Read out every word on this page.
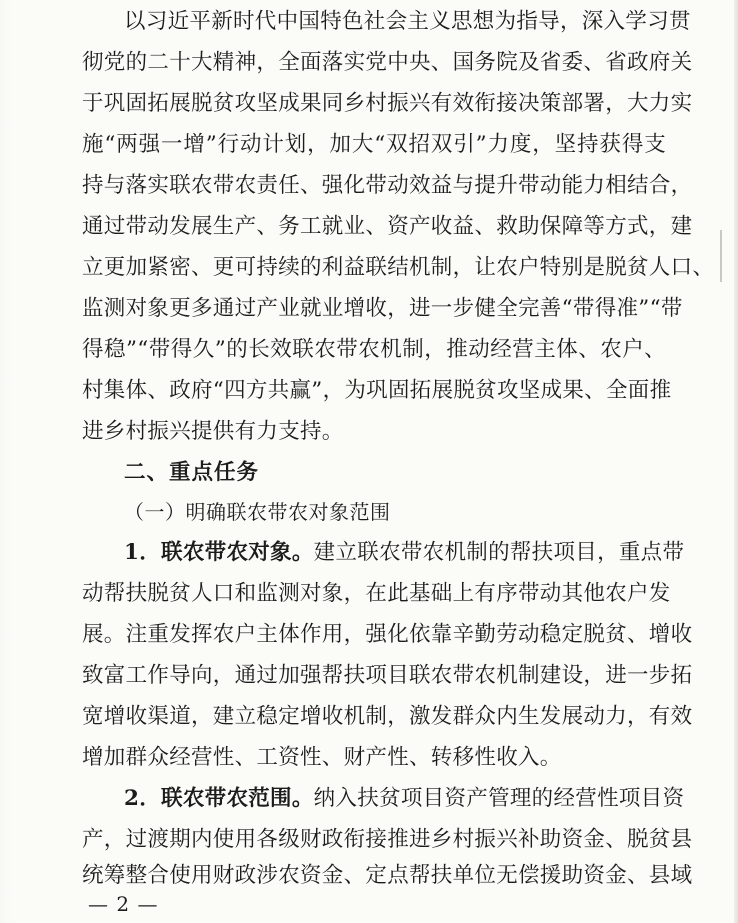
以习近平新时代中国特色社会主义思想为指导，深入学习贯
彻党的二十大精神，全面落实党中央、国务院及省委、省政府关
于巩固拓展脱贫攻坚成果同乡村振兴有效衔接决策部署，大力实
施“两强一增”行动计划，加大“双招双引”力度，坚持获得支
持与落实联农带农责任、强化带动效益与提升带动能力相结合，
通过带动发展生产、务工就业、资产收益、救助保障等方式，建
立更加紧密、更可持续的利益联结机制，让农户特别是脱贫人口、
监测对象更多通过产业就业增收，进一步健全完善“带得准”“带
得稳”“带得久”的长效联农带农机制，推动经营主体、农户、
村集体、政府“四方共赢”，为巩固拓展脱贫攻坚成果、全面推
进乡村振兴提供有力支持。
二、重点任务
（一）明确联农带农对象范围
1．联农带农对象。建立联农带农机制的帮扶项目，重点带
动帮扶脱贫人口和监测对象，在此基础上有序带动其他农户发
展。注重发挥农户主体作用，强化依靠辛勤劳动稳定脱贫、增收
致富工作导向，通过加强帮扶项目联农带农机制建设，进一步拓
宽增收渠道，建立稳定增收机制，激发群众内生发展动力，有效
增加群众经营性、工资性、财产性、转移性收入。
2．联农带农范围。纳入扶贫项目资产管理的经营性项目资
产，过渡期内使用各级财政衔接推进乡村振兴补助资金、脱贫县
统筹整合使用财政涉农资金、定点帮扶单位无偿援助资金、县域
— 2 —
